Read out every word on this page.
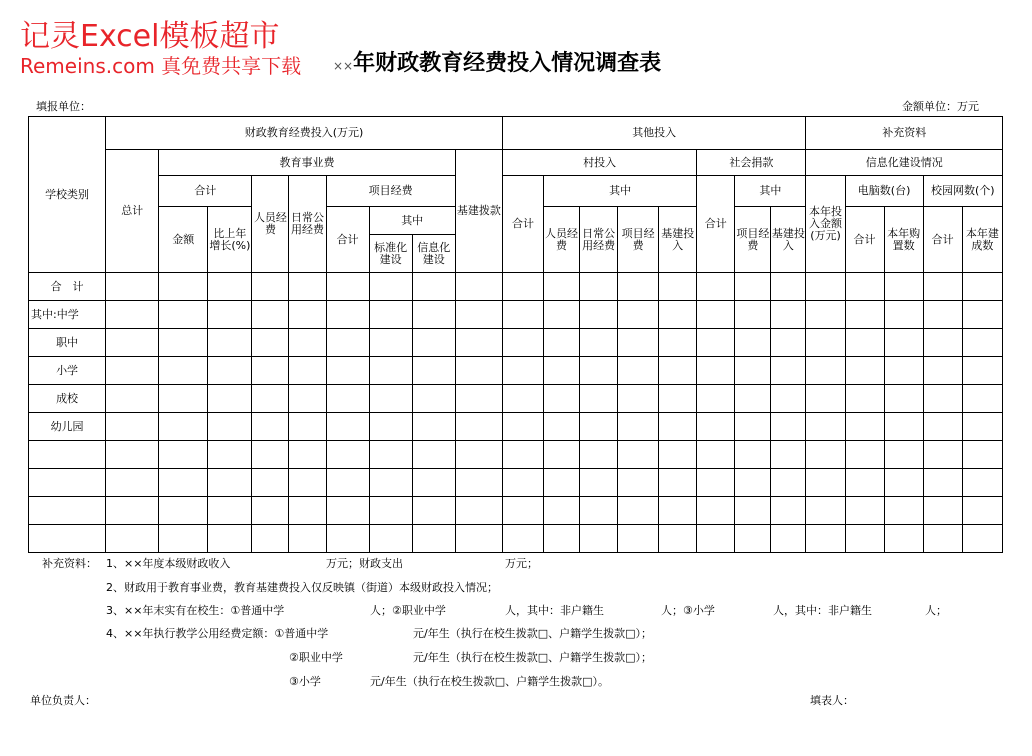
记灵Excel模板超市
Remeins.com 真免费共享下载	××年财政教育经费投入情况调查表
填报单位：	金额单位：万元
学校类别	财政教育经费投入(万元)									其他投入								补充资料				
	总计	教育事业费							基建拨款	村投入					社会捐款			信息化建设情况				
		合计		人员经费	日常公用经费	项目经费				合计	其中				合计	其中		本年投入金额(万元)	电脑数(台)		校园网数(个)	
		金额	比上年增长(%)			合计	其中				人员经费	日常公用经费	项目经费	基建投入		项目经费	基建投入		合计	本年购置数	合计	本年建成数
							标准化建设	信息化建设														
合　计																						
其中:中学																						
职中																						
小学																						
成校																						
幼儿园																						

补充资料： 1、××年度本级财政收入	万元；财政支出	万元；
2、财政用于教育事业费，教育基建费投入仅反映镇（街道）本级财政投入情况；
3、××年末实有在校生：①普通中学	人；②职业中学	人，其中：非户籍生	人；③小学	人，其中：非户籍生	人；
4、××年执行教学公用经费定额：①普通中学	元/年生（执行在校生拨款□、户籍学生拨款□）；
②职业中学	元/年生（执行在校生拨款□、户籍学生拨款□）；
③小学	元/年生（执行在校生拨款□、户籍学生拨款□）。
单位负责人：	填表人：
